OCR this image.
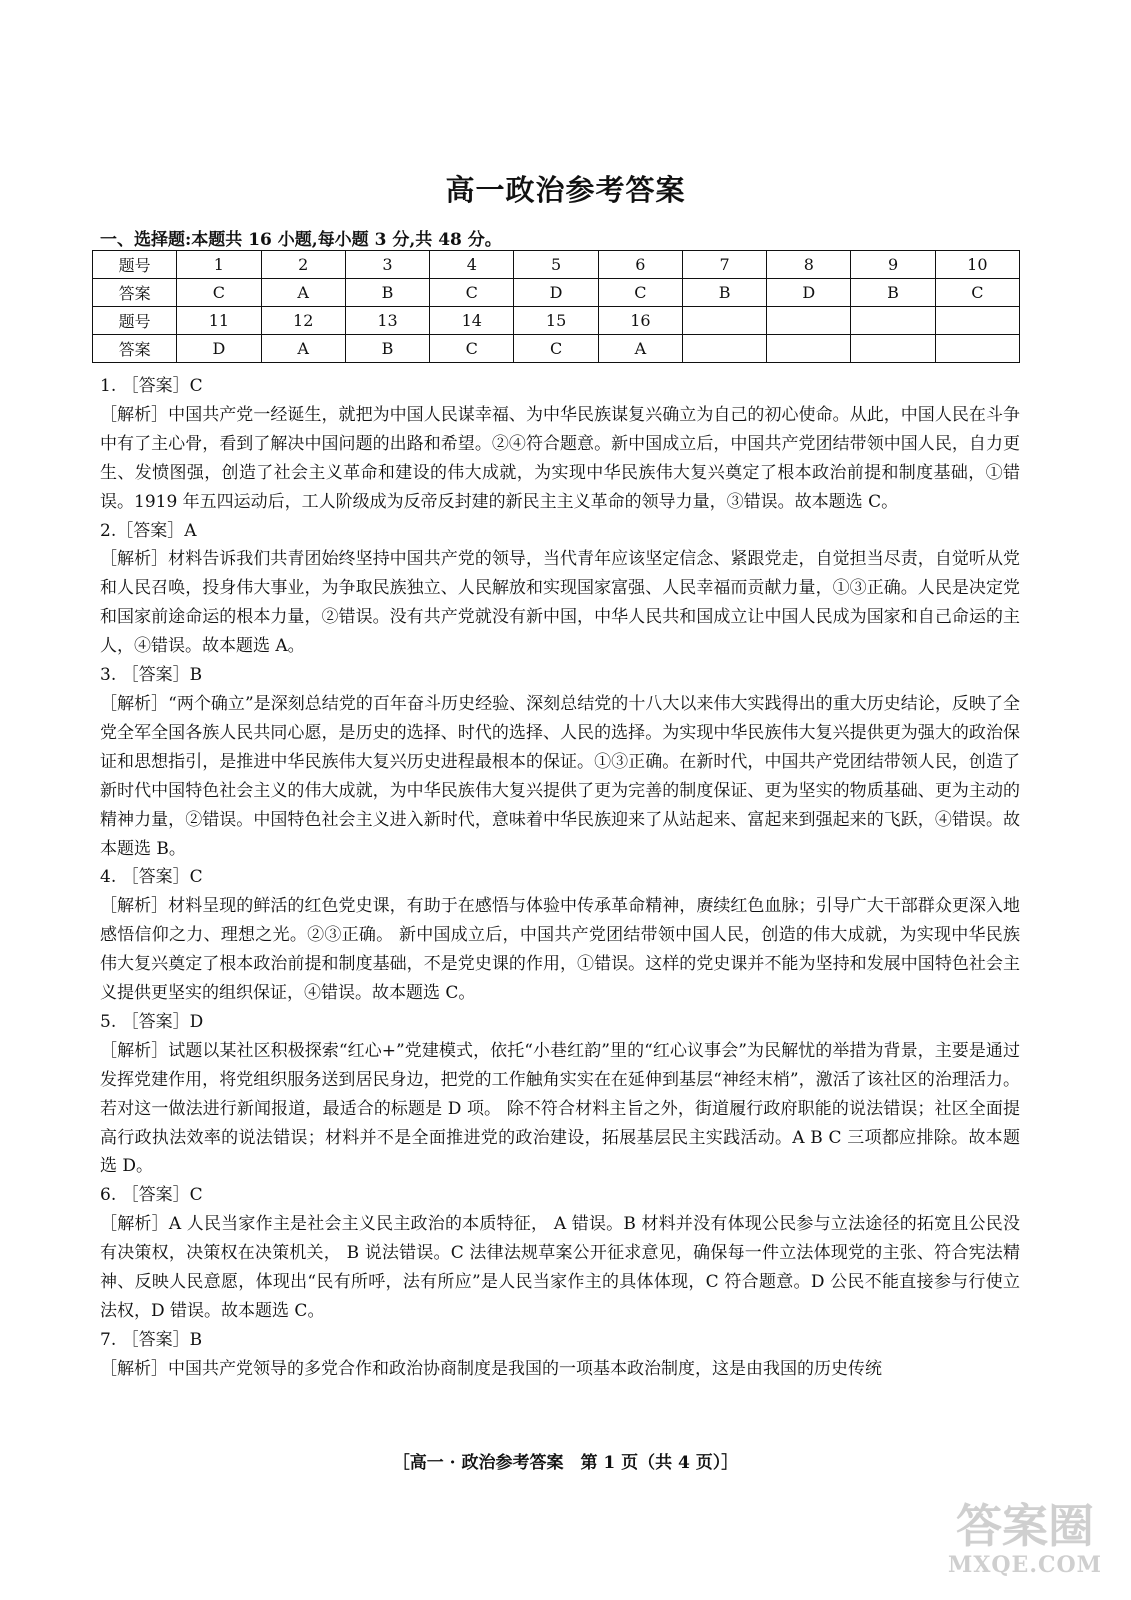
高一政治参考答案
一、选择题:本题共 16 小题,每小题 3 分,共 48 分。
题号	1	2	3	4	5	6	7	8	9	10
答案	C	A	B	C	D	C	B	D	B	C
题号	11	12	13	14	15	16				
答案	D	A	B	C	C	A				

1. ［答案］C

［解析］中国共产党一经诞生，就把为中国人民谋幸福、为中华民族谋复兴确立为自己的初心使命。从此，中国人民在斗争中有了主心骨，看到了解决中国问题的出路和希望。②④符合题意。新中国成立后，中国共产党团结带领中国人民，自力更生、发愤图强，创造了社会主义革命和建设的伟大成就，为实现中华民族伟大复兴奠定了根本政治前提和制度基础，①错误。1919 年五四运动后，工人阶级成为反帝反封建的新民主主义革命的领导力量，③错误。故本题选 C。

2.［答案］A

［解析］材料告诉我们共青团始终坚持中国共产党的领导，当代青年应该坚定信念、紧跟党走，自觉担当尽责，自觉听从党和人民召唤，投身伟大事业，为争取民族独立、人民解放和实现国家富强、人民幸福而贡献力量，①③正确。人民是决定党和国家前途命运的根本力量，②错误。没有共产党就没有新中国，中华人民共和国成立让中国人民成为国家和自己命运的主人，④错误。故本题选 A。

3. ［答案］B

［解析］“两个确立”是深刻总结党的百年奋斗历史经验、深刻总结党的十八大以来伟大实践得出的重大历史结论，反映了全党全军全国各族人民共同心愿，是历史的选择、时代的选择、人民的选择。为实现中华民族伟大复兴提供更为强大的政治保证和思想指引，是推进中华民族伟大复兴历史进程最根本的保证。①③正确。在新时代，中国共产党团结带领人民，创造了新时代中国特色社会主义的伟大成就，为中华民族伟大复兴提供了更为完善的制度保证、更为坚实的物质基础、更为主动的精神力量，②错误。中国特色社会主义进入新时代，意味着中华民族迎来了从站起来、富起来到强起来的飞跃，④错误。故本题选 B。

4. ［答案］C

［解析］材料呈现的鲜活的红色党史课，有助于在感悟与体验中传承革命精神，赓续红色血脉；引导广大干部群众更深入地感悟信仰之力、理想之光。②③正确。 新中国成立后，中国共产党团结带领中国人民，创造的伟大成就，为实现中华民族伟大复兴奠定了根本政治前提和制度基础，不是党史课的作用，①错误。这样的党史课并不能为坚持和发展中国特色社会主义提供更坚实的组织保证，④错误。故本题选 C。

5. ［答案］D

［解析］试题以某社区积极探索“红心+”党建模式，依托“小巷红韵”里的“红心议事会”为民解忧的举措为背景，主要是通过发挥党建作用，将党组织服务送到居民身边，把党的工作触角实实在在延伸到基层“神经末梢”，激活了该社区的治理活力。若对这一做法进行新闻报道，最适合的标题是 D 项。 除不符合材料主旨之外，街道履行政府职能的说法错误；社区全面提高行政执法效率的说法错误；材料并不是全面推进党的政治建设，拓展基层民主实践活动。A B C 三项都应排除。故本题选 D。

6. ［答案］C

［解析］A 人民当家作主是社会主义民主政治的本质特征， A 错误。B 材料并没有体现公民参与立法途径的拓宽且公民没有决策权，决策权在决策机关， B 说法错误。C 法律法规草案公开征求意见，确保每一件立法体现党的主张、符合宪法精神、反映人民意愿，体现出“民有所呼，法有所应”是人民当家作主的具体体现，C 符合题意。D 公民不能直接参与行使立法权，D 错误。故本题选 C。

7. ［答案］B

［解析］中国共产党领导的多党合作和政治协商制度是我国的一项基本政治制度，这是由我国的历史传统

［高一 · 政治参考答案　第 1 页（共 4 页）］
答案圈
MXQE.COM
